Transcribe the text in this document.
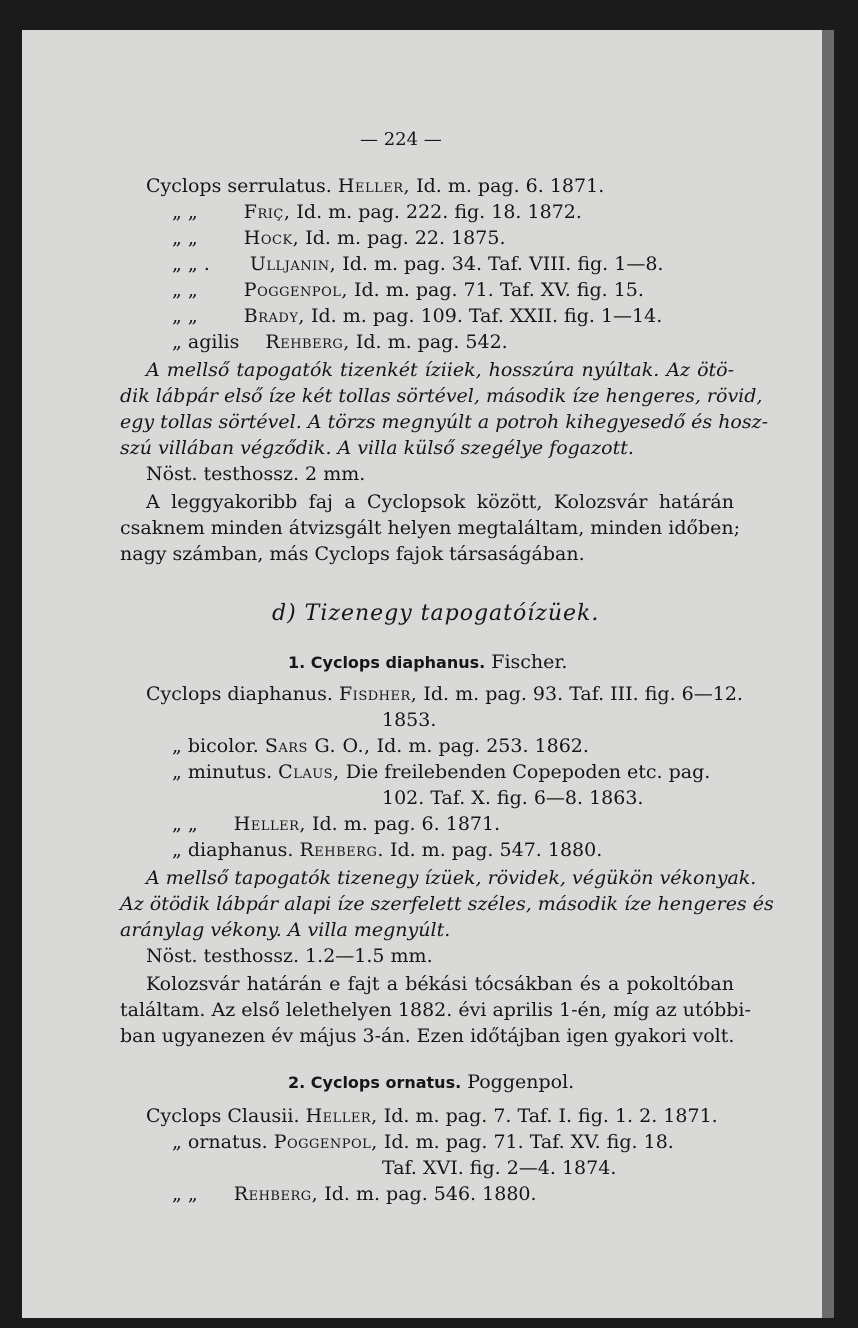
— 224 —
Cyclops serrulatus. Heller, Id. m. pag. 6. 1871.
„ „ Friç, Id. m. pag. 222. fig. 18. 1872.
„ „ Hock, Id. m. pag. 22. 1875.
„ „ . Ulljanin, Id. m. pag. 34. Taf. VIII. fig. 1—8.
„ „ Poggenpol, Id. m. pag. 71. Taf. XV. fig. 15.
„ „ Brady, Id. m. pag. 109. Taf. XXII. fig. 1—14.
„ agilis Rehberg, Id. m. pag. 542.
A mellső tapogatók tizenkét íziiek, hosszúra nyúltak. Az ötö-
dik lábpár első íze két tollas sörtével, második íze hengeres, rövid,
egy tollas sörtével. A törzs megnyúlt a potroh kihegyesedő és hosz-
szú villában végződik. A villa külső szegélye fogazott.
Nöst. testhossz. 2 mm.
A leggyakoribb faj a Cyclopsok között, Kolozsvár határán
csaknem minden átvizsgált helyen megtaláltam, minden időben;
nagy számban, más Cyclops fajok társaságában.
d) Tizenegy tapogatóízüek.
1. Cyclops diaphanus. Fischer.
Cyclops diaphanus. Fisdher, Id. m. pag. 93. Taf. III. fig. 6—12.
1853.
„ bicolor. Sars G. O., Id. m. pag. 253. 1862.
„ minutus. Claus, Die freilebenden Copepoden etc. pag.
102. Taf. X. fig. 6—8. 1863.
„ „ Heller, Id. m. pag. 6. 1871.
„ diaphanus. Rehberg. Id. m. pag. 547. 1880.
A mellső tapogatók tizenegy ízüek, rövidek, végükön vékonyak.
Az ötödik lábpár alapi íze szerfelett széles, második íze hengeres és
aránylag vékony. A villa megnyúlt.
Nöst. testhossz. 1.2—1.5 mm.
Kolozsvár határán e fajt a békási tócsákban és a pokoltóban
találtam. Az első lelethelyen 1882. évi aprilis 1-én, míg az utóbbi-
ban ugyanezen év május 3-án. Ezen időtájban igen gyakori volt.
2. Cyclops ornatus. Poggenpol.
Cyclops Clausii. Heller, Id. m. pag. 7. Taf. I. fig. 1. 2. 1871.
„ ornatus. Poggenpol, Id. m. pag. 71. Taf. XV. fig. 18.
Taf. XVI. fig. 2—4. 1874.
„ „ Rehberg, Id. m. pag. 546. 1880.
